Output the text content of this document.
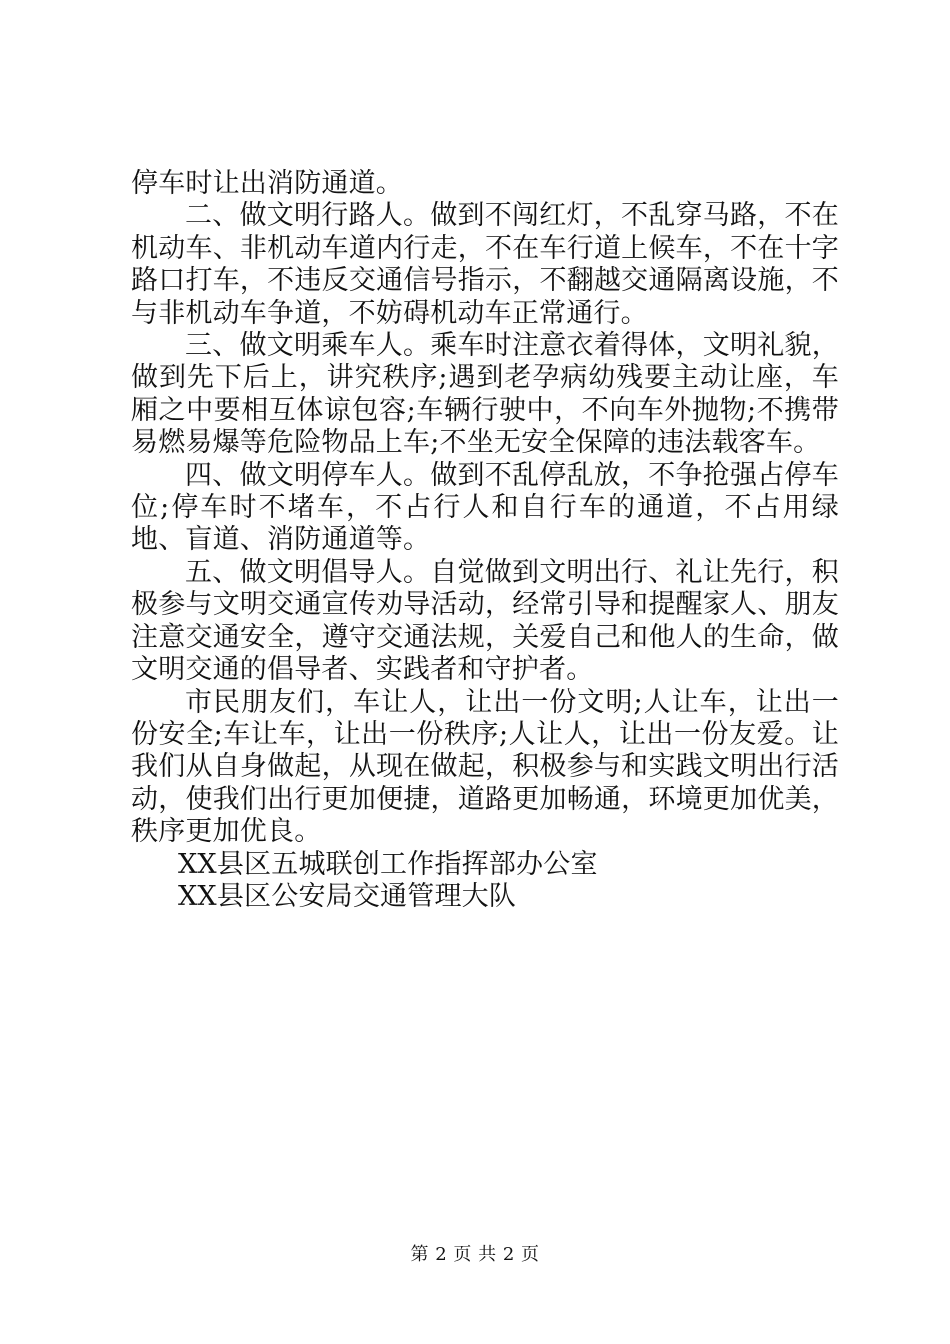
停车时让出消防通道。

二、做文明行路人。做到不闯红灯，不乱穿马路，不在机动车、非机动车道内行走，不在车行道上候车，不在十字路口打车，不违反交通信号指示，不翻越交通隔离设施，不与非机动车争道，不妨碍机动车正常通行。

三、做文明乘车人。乘车时注意衣着得体，文明礼貌，做到先下后上，讲究秩序;遇到老孕病幼残要主动让座，车厢之中要相互体谅包容;车辆行驶中，不向车外抛物;不携带易燃易爆等危险物品上车;不坐无安全保障的违法载客车。

四、做文明停车人。做到不乱停乱放，不争抢强占停车位;停车时不堵车，不占行人和自行车的通道，不占用绿地、盲道、消防通道等。

五、做文明倡导人。自觉做到文明出行、礼让先行，积极参与文明交通宣传劝导活动，经常引导和提醒家人、朋友注意交通安全，遵守交通法规，关爱自己和他人的生命，做文明交通的倡导者、实践者和守护者。

市民朋友们，车让人，让出一份文明;人让车，让出一份安全;车让车，让出一份秩序;人让人，让出一份友爱。让我们从自身做起，从现在做起，积极参与和实践文明出行活动，使我们出行更加便捷，道路更加畅通，环境更加优美，秩序更加优良。

XX县区五城联创工作指挥部办公室

XX县区公安局交通管理大队

第 2 页 共 2 页
